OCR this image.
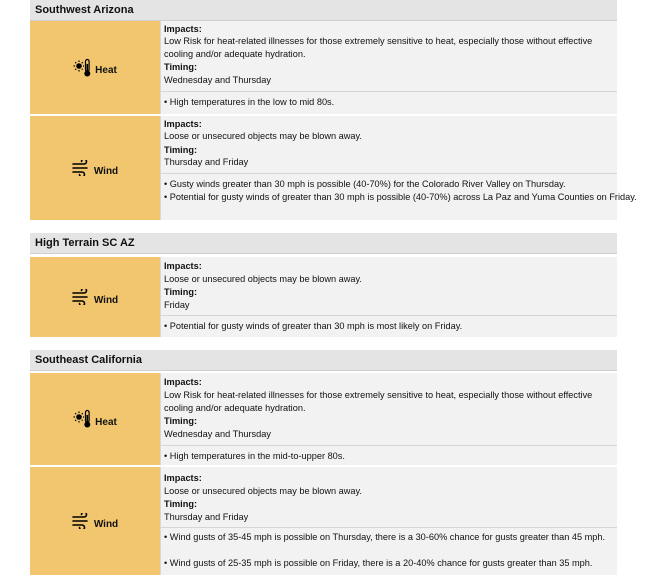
Southwest Arizona
Heat
Impacts:
Low Risk for heat-related illnesses for those extremely sensitive to heat, especially those without effective cooling and/or adequate hydration.
Timing:
Wednesday and Thursday
• High temperatures in the low to mid 80s.
Wind
Impacts:
Loose or unsecured objects may be blown away.
Timing:
Thursday and Friday
• Gusty winds greater than 30 mph is possible (40-70%) for the Colorado River Valley on Thursday.
• Potential for gusty winds of greater than 30 mph is possible (40-70%) across La Paz and Yuma Counties on Friday.
High Terrain SC AZ
Wind
Impacts:
Loose or unsecured objects may be blown away.
Timing:
Friday
• Potential for gusty winds of greater than 30 mph is most likely on Friday.
Southeast California
Heat
Impacts:
Low Risk for heat-related illnesses for those extremely sensitive to heat, especially those without effective cooling and/or adequate hydration.
Timing:
Wednesday and Thursday
• High temperatures in the mid-to-upper 80s.
Wind
Impacts:
Loose or unsecured objects may be blown away.
Timing:
Thursday and Friday
• Wind gusts of 35-45 mph is possible on Thursday, there is a 30-60% chance for gusts greater than 45 mph.
• Wind gusts of 25-35 mph is possible on Friday, there is a 20-40% chance for gusts greater than 35 mph.
